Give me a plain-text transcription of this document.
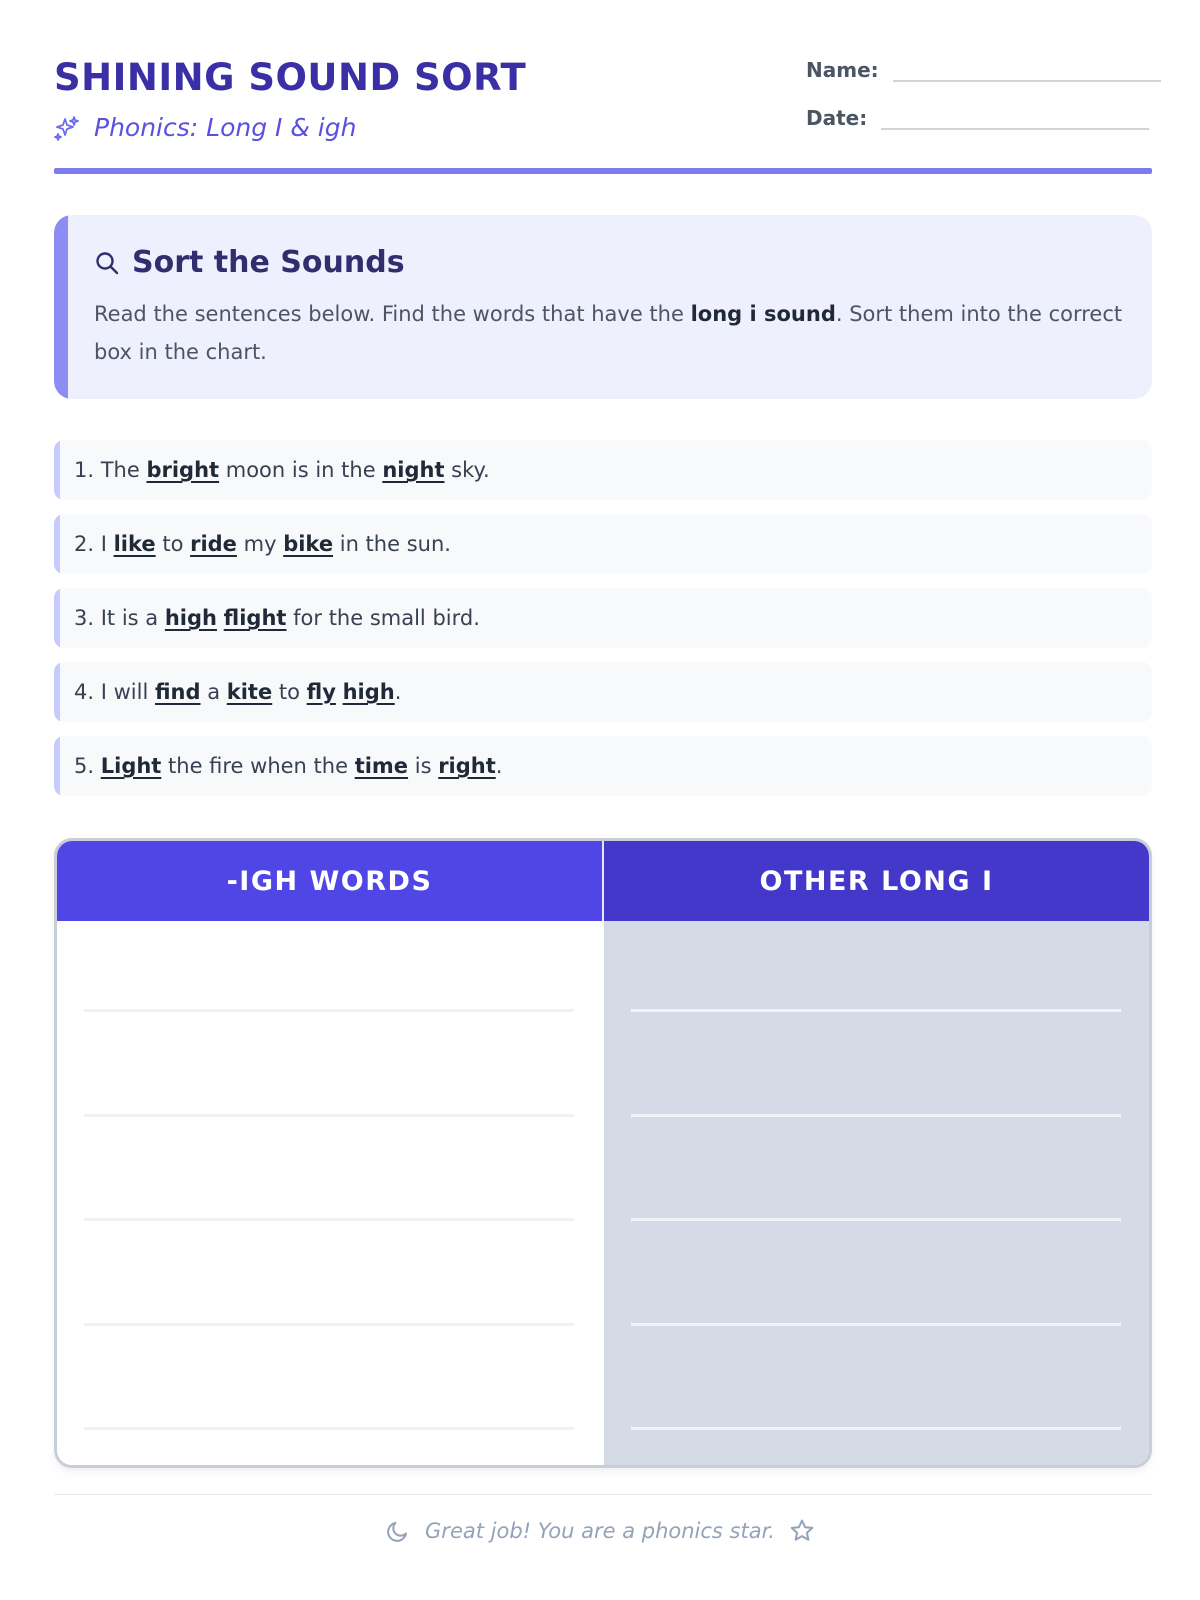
SHINING SOUND SORT
Phonics: Long I & igh
Name:
Date:
Sort the Sounds
Read the sentences below. Find the words that have the long i sound. Sort them into the correct box in the chart.
1. The bright moon is in the night sky.
2. I like to ride my bike in the sun.
3. It is a high flight for the small bird.
4. I will find a kite to fly high.
5. Light the fire when the time is right.
-IGH WORDS	OTHER LONG I
Great job! You are a phonics star.
